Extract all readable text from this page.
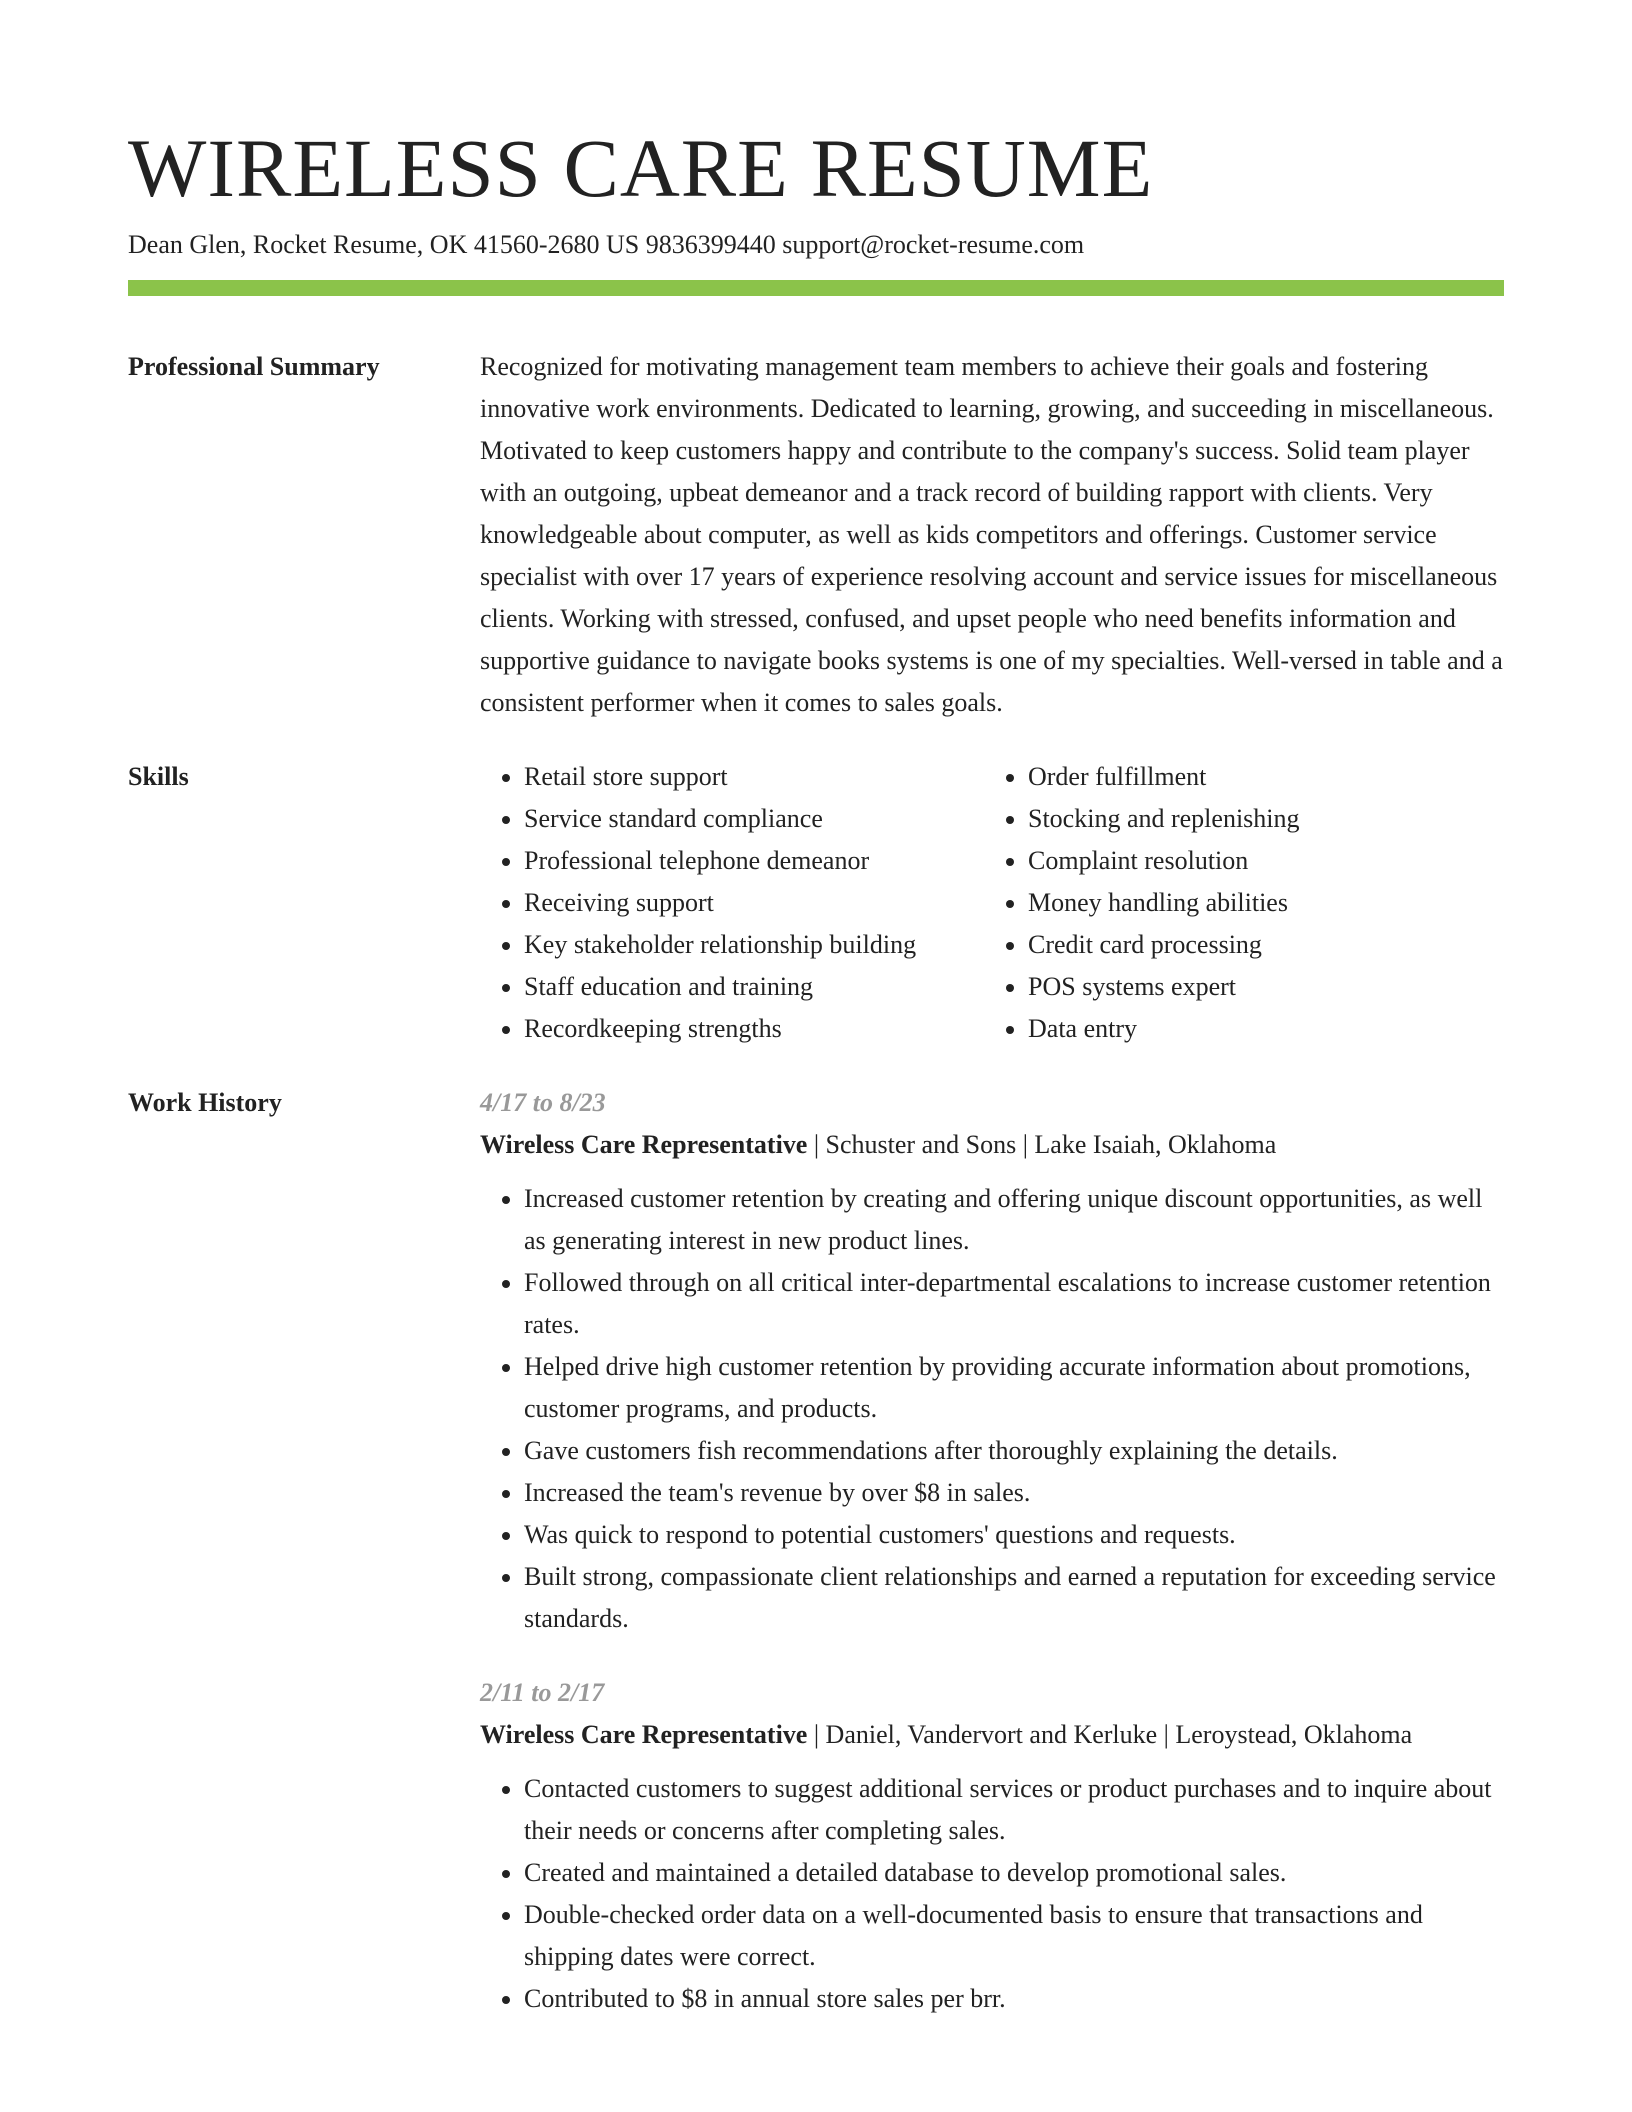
WIRELESS CARE RESUME
Dean Glen, Rocket Resume, OK 41560-2680 US 9836399440 support@rocket-resume.com
Professional Summary	Recognized for motivating management team members to achieve their goals and fostering innovative work environments. Dedicated to learning, growing, and succeeding in miscellaneous. Motivated to keep customers happy and contribute to the company's success. Solid team player with an outgoing, upbeat demeanor and a track record of building rapport with clients. Very knowledgeable about computer, as well as kids competitors and offerings. Customer service specialist with over 17 years of experience resolving account and service issues for miscellaneous clients. Working with stressed, confused, and upset people who need benefits information and supportive guidance to navigate books systems is one of my specialties. Well-versed in table and a consistent performer when it comes to sales goals.
Skills
•	Retail store support
• Service standard compliance
• Professional telephone demeanor
• Receiving support
• Key stakeholder relationship building
• Staff education and training
• Recordkeeping strengths
• Order fulfillment
• Stocking and replenishing
• Complaint resolution
• Money handling abilities
• Credit card processing
• POS systems expert
• Data entry
Work History	4/17 to 8/23
Wireless Care Representative | Schuster and Sons | Lake Isaiah, Oklahoma
• Increased customer retention by creating and offering unique discount opportunities, as well as generating interest in new product lines.
• Followed through on all critical inter-departmental escalations to increase customer retention rates.
• Helped drive high customer retention by providing accurate information about promotions, customer programs, and products.
• Gave customers fish recommendations after thoroughly explaining the details.
• Increased the team's revenue by over $8 in sales.
• Was quick to respond to potential customers' questions and requests.
• Built strong, compassionate client relationships and earned a reputation for exceeding service standards.
2/11 to 2/17
Wireless Care Representative | Daniel, Vandervort and Kerluke | Leroystead, Oklahoma
• Contacted customers to suggest additional services or product purchases and to inquire about their needs or concerns after completing sales.
• Created and maintained a detailed database to develop promotional sales.
• Double-checked order data on a well-documented basis to ensure that transactions and shipping dates were correct.
• Contributed to $8 in annual store sales per brr.
